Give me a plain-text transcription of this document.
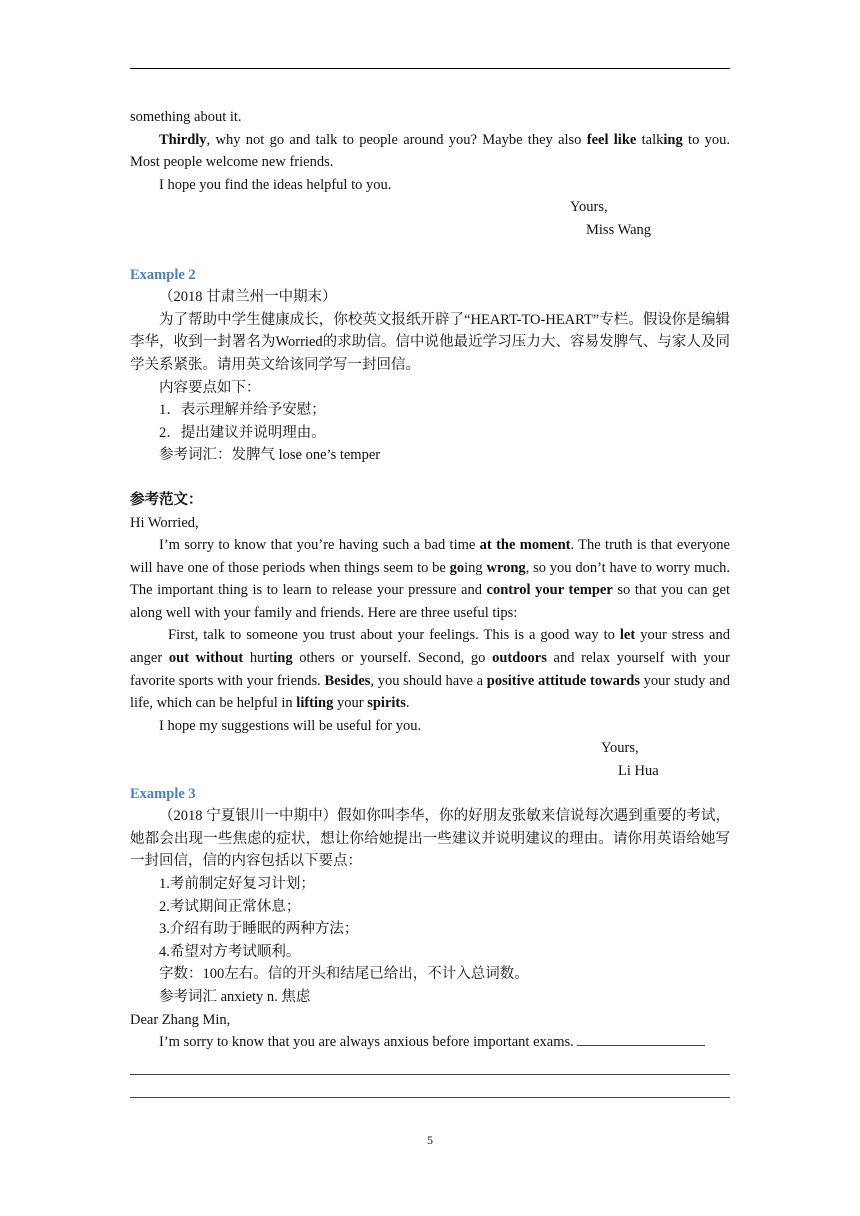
something about it.

Thirdly, why not go and talk to people around you? Maybe they also feel like talking to you. Most people welcome new friends.

I hope you find the ideas helpful to you.

Yours,

Miss Wang

Example 2

（2018 甘肃兰州一中期末）

为了帮助中学生健康成长，你校英文报纸开辟了“HEART-TO-HEART”专栏。假设你是编辑李华，收到一封署名为Worried的求助信。信中说他最近学习压力大、容易发脾气、与家人及同学关系紧张。请用英文给该同学写一封回信。

内容要点如下：

1．表示理解并给予安慰；

2．提出建议并说明理由。

参考词汇：发脾气 lose one’s temper

参考范文：

Hi Worried,

I’m sorry to know that you’re having such a bad time at the moment. The truth is that everyone will have one of those periods when things seem to be going wrong, so you don’t have to worry much. The important thing is to learn to release your pressure and control your temper so that you can get along well with your family and friends. Here are three useful tips:

First, talk to someone you trust about your feelings. This is a good way to let your stress and anger out without hurting others or yourself. Second, go outdoors and relax yourself with your favorite sports with your friends. Besides, you should have a positive attitude towards your study and life, which can be helpful in lifting your spirits.

I hope my suggestions will be useful for you.

Yours,

Li Hua

Example 3

（2018 宁夏银川一中期中）假如你叫李华，你的好朋友张敏来信说每次遇到重要的考试，她都会出现一些焦虑的症状，想让你给她提出一些建议并说明建议的理由。请你用英语给她写一封回信，信的内容包括以下要点：

1.考前制定好复习计划；

2.考试期间正常休息；

3.介绍有助于睡眠的两种方法；

4.希望对方考试顺利。

字数：100左右。信的开头和结尾已给出，不计入总词数。

参考词汇 anxiety n. 焦虑

Dear Zhang Min,

I’m sorry to know that you are always anxious before important exams.

5
